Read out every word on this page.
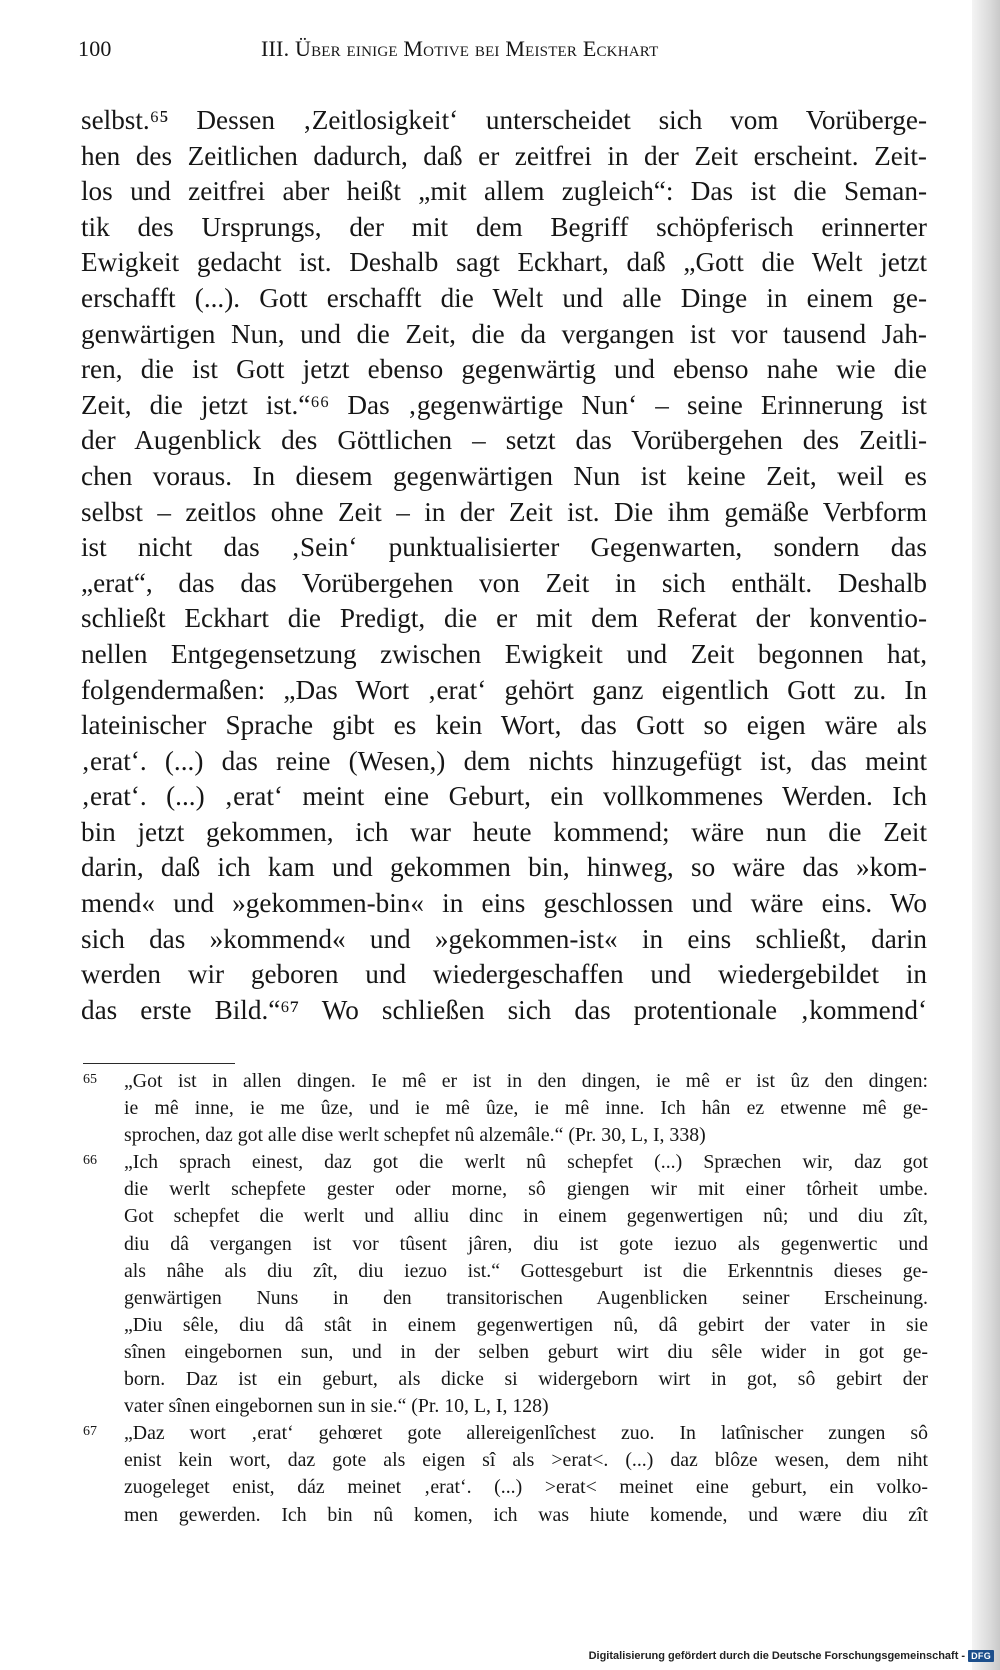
100	III. Über einige Motive bei Meister Eckhart
selbst.⁶⁵ Dessen ‚Zeitlosigkeit‘ unterscheidet sich vom Vorüberge-
hen des Zeitlichen dadurch, daß er zeitfrei in der Zeit erscheint. Zeit-
los und zeitfrei aber heißt „mit allem zugleich“: Das ist die Seman-
tik des Ursprungs, der mit dem Begriff schöpferisch erinnerter
Ewigkeit gedacht ist. Deshalb sagt Eckhart, daß „Gott die Welt jetzt
erschafft (...). Gott erschafft die Welt und alle Dinge in einem ge-
genwärtigen Nun, und die Zeit, die da vergangen ist vor tausend Jah-
ren, die ist Gott jetzt ebenso gegenwärtig und ebenso nahe wie die
Zeit, die jetzt ist.“⁶⁶ Das ‚gegenwärtige Nun‘ – seine Erinnerung ist
der Augenblick des Göttlichen – setzt das Vorübergehen des Zeitli-
chen voraus. In diesem gegenwärtigen Nun ist keine Zeit, weil es
selbst – zeitlos ohne Zeit – in der Zeit ist. Die ihm gemäße Verbform
ist nicht das ‚Sein‘ punktualisierter Gegenwarten, sondern das
„erat“, das das Vorübergehen von Zeit in sich enthält. Deshalb
schließt Eckhart die Predigt, die er mit dem Referat der konventio-
nellen Entgegensetzung zwischen Ewigkeit und Zeit begonnen hat,
folgendermaßen: „Das Wort ‚erat‘ gehört ganz eigentlich Gott zu. In
lateinischer Sprache gibt es kein Wort, das Gott so eigen wäre als
‚erat‘. (...) das reine (Wesen,) dem nichts hinzugefügt ist, das meint
‚erat‘. (...) ‚erat‘ meint eine Geburt, ein vollkommenes Werden. Ich
bin jetzt gekommen, ich war heute kommend; wäre nun die Zeit
darin, daß ich kam und gekommen bin, hinweg, so wäre das »kom-
mend« und »gekommen-bin« in eins geschlossen und wäre eins. Wo
sich das »kommend« und »gekommen-ist« in eins schließt, darin
werden wir geboren und wiedergeschaffen und wiedergebildet in
das erste Bild.“⁶⁷ Wo schließen sich das protentionale ‚kommend‘
65 „Got ist in allen dingen. Ie mê er ist in den dingen, ie mê er ist ûz den dingen:
ie mê inne, ie me ûze, und ie mê ûze, ie mê inne. Ich hân ez etwenne mê ge-
sprochen, daz got alle dise werlt schepfet nû alzemâle.“ (Pr. 30, L, I, 338)
66 „Ich sprach einest, daz got die werlt nû schepfet (...) Spræchen wir, daz got
die werlt schepfete gester oder morne, sô giengen wir mit einer tôrheit umbe.
Got schepfet die werlt und alliu dinc in einem gegenwertigen nû; und diu zît,
diu dâ vergangen ist vor tûsent jâren, diu ist gote iezuo als gegenwertic und
als nâhe als diu zît, diu iezuo ist.“ Gottesgeburt ist die Erkenntnis dieses ge-
genwärtigen Nuns in den transitorischen Augenblicken seiner Erscheinung.
„Diu sêle, diu dâ stât in einem gegenwertigen nû, dâ gebirt der vater in sie
sînen eingebornen sun, und in der selben geburt wirt diu sêle wider in got ge-
born. Daz ist ein geburt, als dicke si widergeborn wirt in got, sô gebirt der
vater sînen eingebornen sun in sie.“ (Pr. 10, L, I, 128)
67 „Daz wort ‚erat‘ gehœret gote allereigenlîchest zuo. In latînischer zungen sô
enist kein wort, daz gote als eigen sî als >erat<. (...) daz blôze wesen, dem niht
zuogeleget enist, dáz meinet ‚erat‘. (...) >erat< meinet eine geburt, ein volko-
men gewerden. Ich bin nû komen, ich was hiute komende, und wære diu zît
Digitalisierung gefördert durch die Deutsche Forschungsgemeinschaft - DFG
